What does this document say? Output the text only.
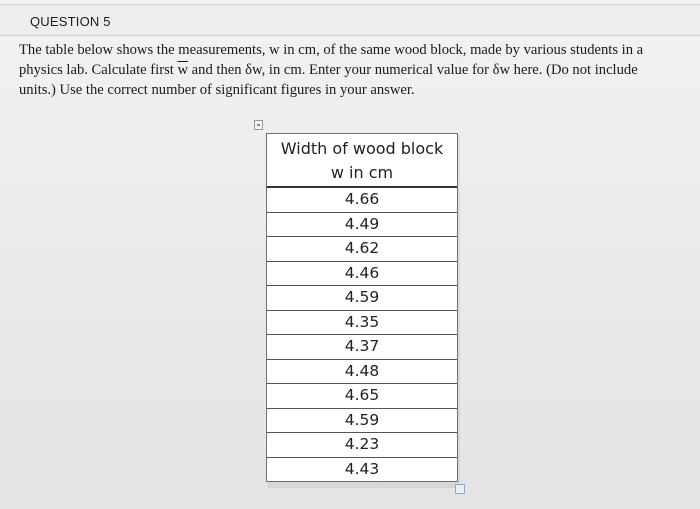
QUESTION 5
The table below shows the measurements, w in cm, of the same wood block, made by various students in a
physics lab. Calculate first $\overline{w}$ and then δw, in cm. Enter your numerical value for δw here. (Do not include
units.) Use the correct number of significant figures in your answer.
Width of wood block
w in cm

4.66
4.49
4.62
4.46
4.59
4.35
4.37
4.48
4.65
4.59
4.23
4.43
